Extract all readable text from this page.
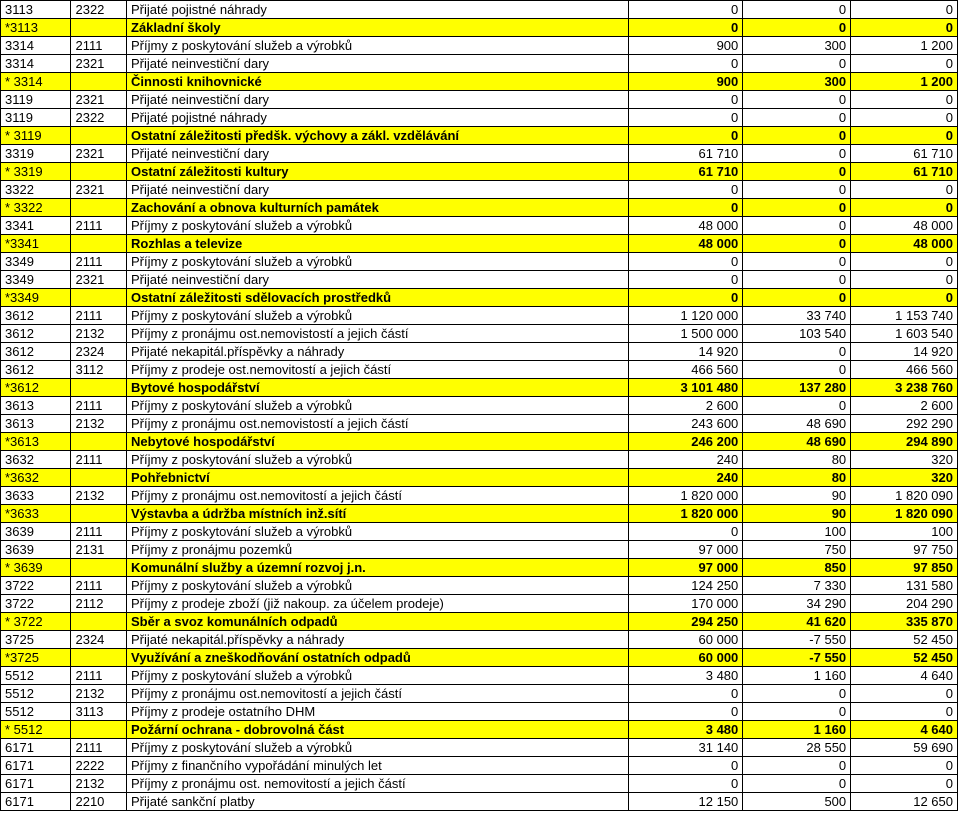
3113	2322	Přijaté pojistné náhrady	0	0	0
*3113		Základní školy	0	0	0
3314	2111	Příjmy z poskytování služeb a výrobků	900	300	1 200
3314	2321	Přijaté neinvestiční dary	0	0	0
* 3314		Činnosti knihovnické	900	300	1 200
3119	2321	Přijaté neinvestiční dary	0	0	0
3119	2322	Přijaté pojistné náhrady	0	0	0
* 3119		Ostatní záležitosti předšk. výchovy a zákl. vzdělávání	0	0	0
3319	2321	Přijaté neinvestiční dary	61 710	0	61 710
* 3319		Ostatní záležitosti kultury	61 710	0	61 710
3322	2321	Přijaté neinvestiční dary	0	0	0
* 3322		Zachování a obnova kulturních památek	0	0	0
3341	2111	Příjmy z poskytování služeb a výrobků	48 000	0	48 000
*3341		Rozhlas a televize	48 000	0	48 000
3349	2111	Příjmy z poskytování služeb a výrobků	0	0	0
3349	2321	Přijaté neinvestiční dary	0	0	0
*3349		Ostatní záležitosti sdělovacích prostředků	0	0	0
3612	2111	Příjmy z poskytování služeb a výrobků	1 120 000	33 740	1 153 740
3612	2132	Příjmy z pronájmu ost.nemovistostí a jejich částí	1 500 000	103 540	1 603 540
3612	2324	Přijaté nekapitál.příspěvky a náhrady	14 920	0	14 920
3612	3112	Příjmy z prodeje ost.nemovitostí a jejich částí	466 560	0	466 560
*3612		Bytové hospodářství	3 101 480	137 280	3 238 760
3613	2111	Příjmy z poskytování služeb a výrobků	2 600	0	2 600
3613	2132	Příjmy z pronájmu ost.nemovistostí a jejich částí	243 600	48 690	292 290
*3613		Nebytové hospodářství	246 200	48 690	294 890
3632	2111	Příjmy z poskytování služeb a výrobků	240	80	320
*3632		Pohřebnictví	240	80	320
3633	2132	Příjmy z pronájmu ost.nemovitostí a jejich částí	1 820 000	90	1 820 090
*3633		Výstavba a údržba místních inž.sítí	1 820 000	90	1 820 090
3639	2111	Příjmy z poskytování služeb a výrobků	0	100	100
3639	2131	Příjmy z pronájmu pozemků	97 000	750	97 750
* 3639		Komunální služby a územní rozvoj j.n.	97 000	850	97 850
3722	2111	Příjmy z poskytování služeb a výrobků	124 250	7 330	131 580
3722	2112	Příjmy z prodeje zboží (již nakoup. za účelem prodeje)	170 000	34 290	204 290
* 3722		Sběr a svoz komunálních odpadů	294 250	41 620	335 870
3725	2324	Přijaté nekapitál.příspěvky a náhrady	60 000	-7 550	52 450
*3725		Využívání a zneškodňování ostatních odpadů	60 000	-7 550	52 450
5512	2111	Příjmy z poskytování služeb a výrobků	3 480	1 160	4 640
5512	2132	Příjmy z pronájmu ost.nemovitostí a jejich částí	0	0	0
5512	3113	Příjmy z prodeje ostatního DHM	0	0	0
* 5512		Požární ochrana - dobrovolná část	3 480	1 160	4 640
6171	2111	Příjmy z poskytování služeb a výrobků	31 140	28 550	59 690
6171	2222	Příjmy z finančního vypořádání minulých let	0	0	0
6171	2132	Příjmy z pronájmu ost. nemovitostí a jejich částí	0	0	0
6171	2210	Přijaté sankční platby	12 150	500	12 650
